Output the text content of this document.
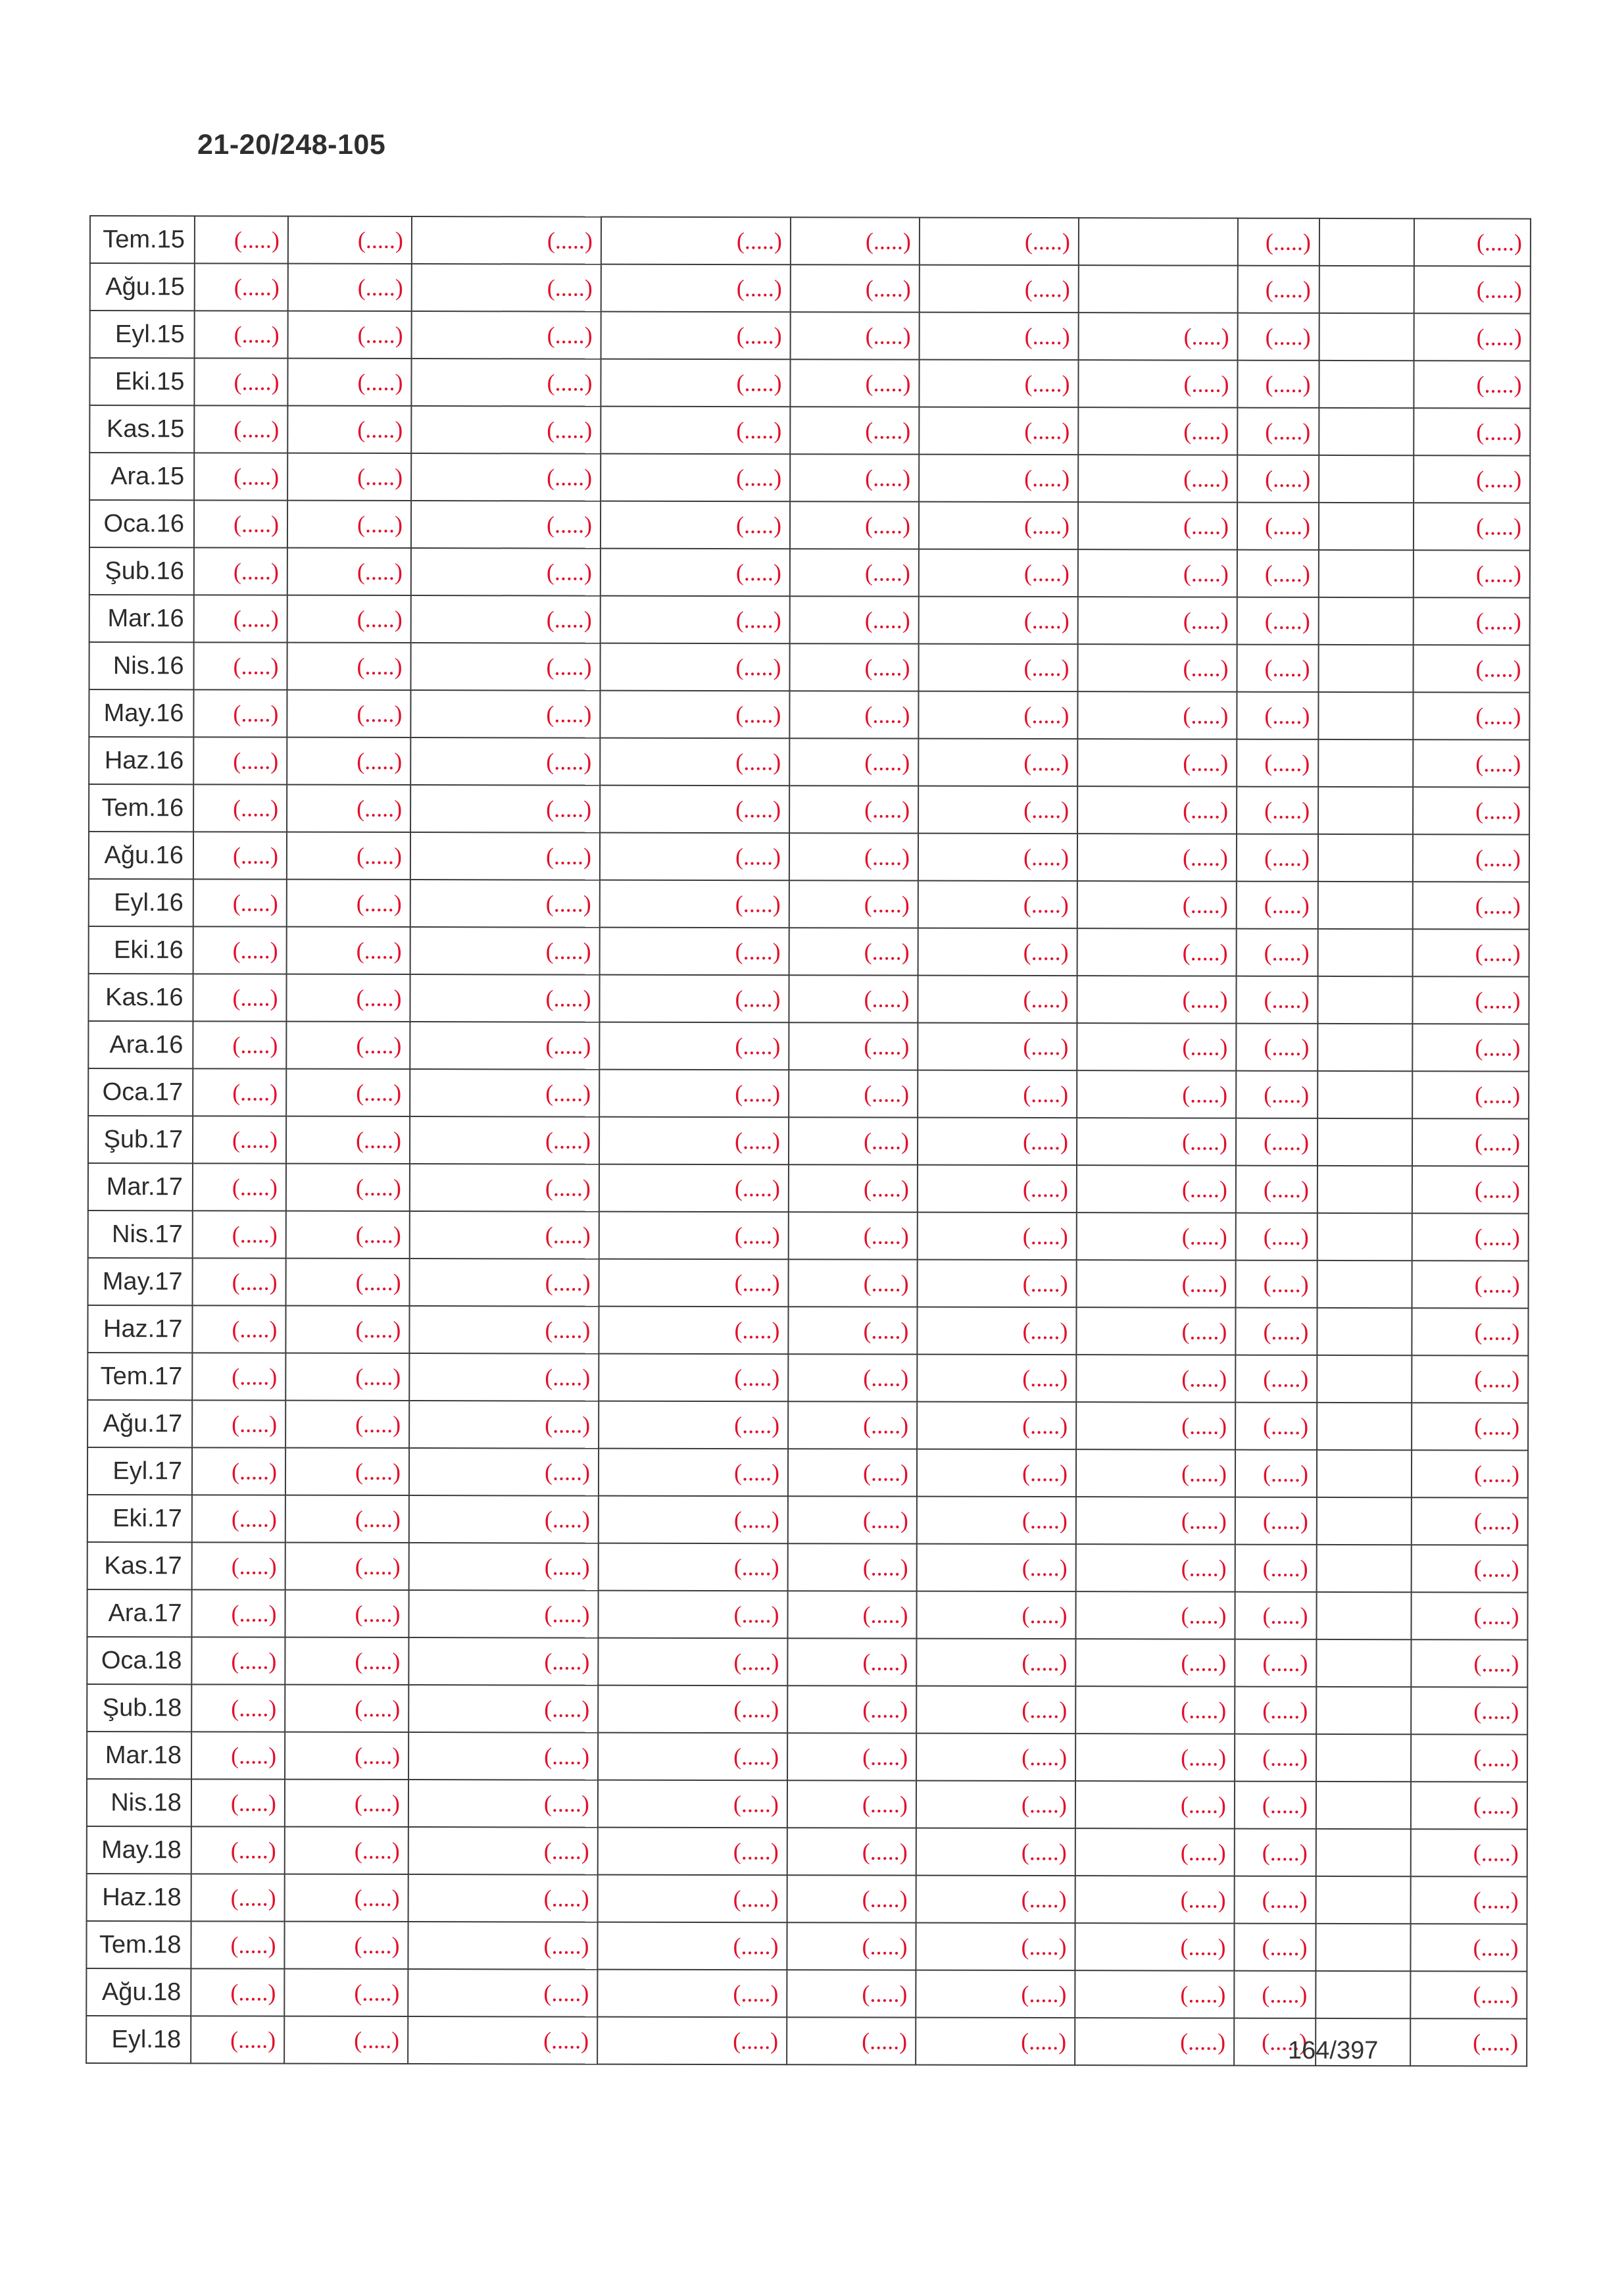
21-20/248-105
Tem.15	(.....)	(.....)	(.....)	(.....)	(.....)	(.....)		(.....)		(.....)
Ağu.15	(.....)	(.....)	(.....)	(.....)	(.....)	(.....)		(.....)		(.....)
Eyl.15	(.....)	(.....)	(.....)	(.....)	(.....)	(.....)	(.....)	(.....)		(.....)
Eki.15	(.....)	(.....)	(.....)	(.....)	(.....)	(.....)	(.....)	(.....)		(.....)
Kas.15	(.....)	(.....)	(.....)	(.....)	(.....)	(.....)	(.....)	(.....)		(.....)
Ara.15	(.....)	(.....)	(.....)	(.....)	(.....)	(.....)	(.....)	(.....)		(.....)
Oca.16	(.....)	(.....)	(.....)	(.....)	(.....)	(.....)	(.....)	(.....)		(.....)
Şub.16	(.....)	(.....)	(.....)	(.....)	(.....)	(.....)	(.....)	(.....)		(.....)
Mar.16	(.....)	(.....)	(.....)	(.....)	(.....)	(.....)	(.....)	(.....)		(.....)
Nis.16	(.....)	(.....)	(.....)	(.....)	(.....)	(.....)	(.....)	(.....)		(.....)
May.16	(.....)	(.....)	(.....)	(.....)	(.....)	(.....)	(.....)	(.....)		(.....)
Haz.16	(.....)	(.....)	(.....)	(.....)	(.....)	(.....)	(.....)	(.....)		(.....)
Tem.16	(.....)	(.....)	(.....)	(.....)	(.....)	(.....)	(.....)	(.....)		(.....)
Ağu.16	(.....)	(.....)	(.....)	(.....)	(.....)	(.....)	(.....)	(.....)		(.....)
Eyl.16	(.....)	(.....)	(.....)	(.....)	(.....)	(.....)	(.....)	(.....)		(.....)
Eki.16	(.....)	(.....)	(.....)	(.....)	(.....)	(.....)	(.....)	(.....)		(.....)
Kas.16	(.....)	(.....)	(.....)	(.....)	(.....)	(.....)	(.....)	(.....)		(.....)
Ara.16	(.....)	(.....)	(.....)	(.....)	(.....)	(.....)	(.....)	(.....)		(.....)
Oca.17	(.....)	(.....)	(.....)	(.....)	(.....)	(.....)	(.....)	(.....)		(.....)
Şub.17	(.....)	(.....)	(.....)	(.....)	(.....)	(.....)	(.....)	(.....)		(.....)
Mar.17	(.....)	(.....)	(.....)	(.....)	(.....)	(.....)	(.....)	(.....)		(.....)
Nis.17	(.....)	(.....)	(.....)	(.....)	(.....)	(.....)	(.....)	(.....)		(.....)
May.17	(.....)	(.....)	(.....)	(.....)	(.....)	(.....)	(.....)	(.....)		(.....)
Haz.17	(.....)	(.....)	(.....)	(.....)	(.....)	(.....)	(.....)	(.....)		(.....)
Tem.17	(.....)	(.....)	(.....)	(.....)	(.....)	(.....)	(.....)	(.....)		(.....)
Ağu.17	(.....)	(.....)	(.....)	(.....)	(.....)	(.....)	(.....)	(.....)		(.....)
Eyl.17	(.....)	(.....)	(.....)	(.....)	(.....)	(.....)	(.....)	(.....)		(.....)
Eki.17	(.....)	(.....)	(.....)	(.....)	(.....)	(.....)	(.....)	(.....)		(.....)
Kas.17	(.....)	(.....)	(.....)	(.....)	(.....)	(.....)	(.....)	(.....)		(.....)
Ara.17	(.....)	(.....)	(.....)	(.....)	(.....)	(.....)	(.....)	(.....)		(.....)
Oca.18	(.....)	(.....)	(.....)	(.....)	(.....)	(.....)	(.....)	(.....)		(.....)
Şub.18	(.....)	(.....)	(.....)	(.....)	(.....)	(.....)	(.....)	(.....)		(.....)
Mar.18	(.....)	(.....)	(.....)	(.....)	(.....)	(.....)	(.....)	(.....)		(.....)
Nis.18	(.....)	(.....)	(.....)	(.....)	(.....)	(.....)	(.....)	(.....)		(.....)
May.18	(.....)	(.....)	(.....)	(.....)	(.....)	(.....)	(.....)	(.....)		(.....)
Haz.18	(.....)	(.....)	(.....)	(.....)	(.....)	(.....)	(.....)	(.....)		(.....)
Tem.18	(.....)	(.....)	(.....)	(.....)	(.....)	(.....)	(.....)	(.....)		(.....)
Ağu.18	(.....)	(.....)	(.....)	(.....)	(.....)	(.....)	(.....)	(.....)		(.....)
Eyl.18	(.....)	(.....)	(.....)	(.....)	(.....)	(.....)	(.....)	(.....)		(.....)
164/397
